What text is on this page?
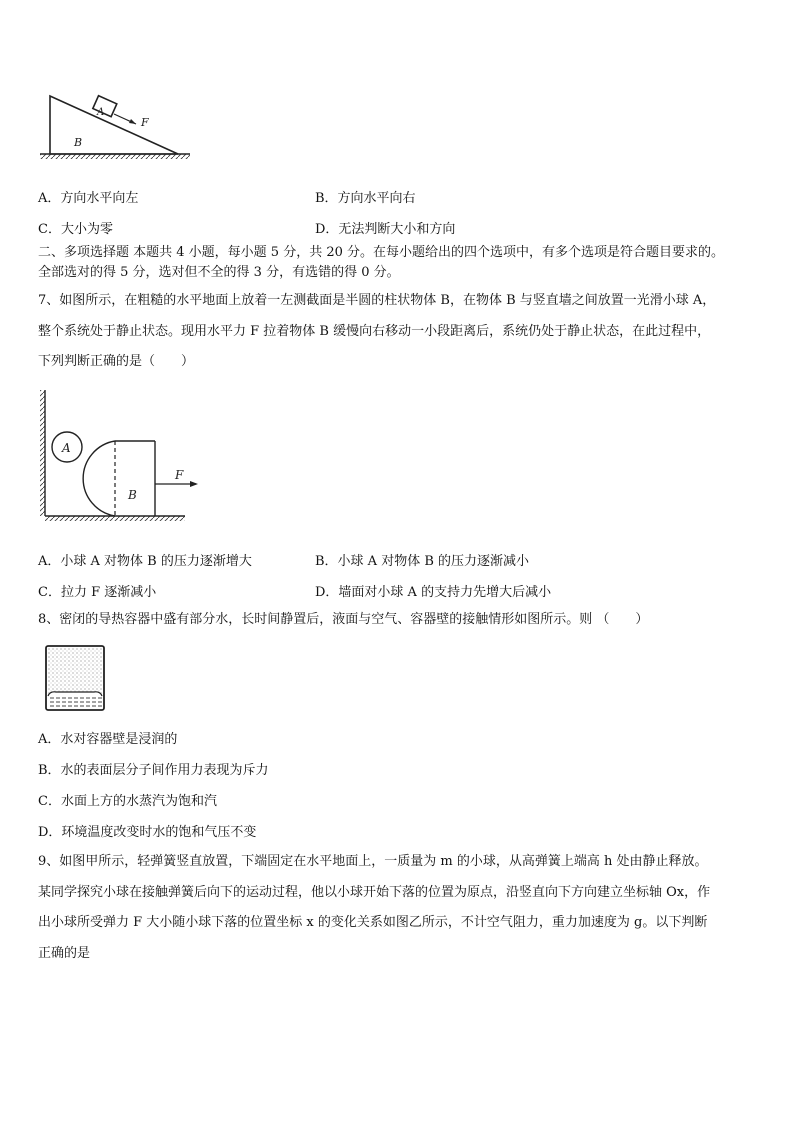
A
F
B
A．方向水平向左	B．方向水平向右
C．大小为零	D．无法判断大小和方向
二、多项选择题 本题共 4 小题，每小题 5 分，共 20 分。在每小题给出的四个选项中，有多个选项是符合题目要求的。
全部选对的得 5 分，选对但不全的得 3 分，有选错的得 0 分。
7、如图所示，在粗糙的水平地面上放着一左测截面是半圆的柱状物体 B，在物体 B 与竖直墙之间放置一光滑小球 A，
整个系统处于静止状态。现用水平力 F 拉着物体 B 缓慢向右移动一小段距离后，系统仍处于静止状态，在此过程中，
下列判断正确的是（　　）
A
B
F
A．小球 A 对物体 B 的压力逐渐增大	B．小球 A 对物体 B 的压力逐渐减小
C．拉力 F 逐渐减小	D．墙面对小球 A 的支持力先增大后减小
8、密闭的导热容器中盛有部分水，长时间静置后，液面与空气、容器壁的接触情形如图所示。则 （　　）
A．水对容器壁是浸润的
B．水的表面层分子间作用力表现为斥力
C．水面上方的水蒸汽为饱和汽
D．环境温度改变时水的饱和气压不变
9、如图甲所示，轻弹簧竖直放置，下端固定在水平地面上，一质量为 m 的小球，从高弹簧上端高 h 处由静止释放。
某同学探究小球在接触弹簧后向下的运动过程，他以小球开始下落的位置为原点，沿竖直向下方向建立坐标轴 Ox，作
出小球所受弹力 F 大小随小球下落的位置坐标 x 的变化关系如图乙所示，不计空气阻力，重力加速度为 g。以下判断
正确的是
